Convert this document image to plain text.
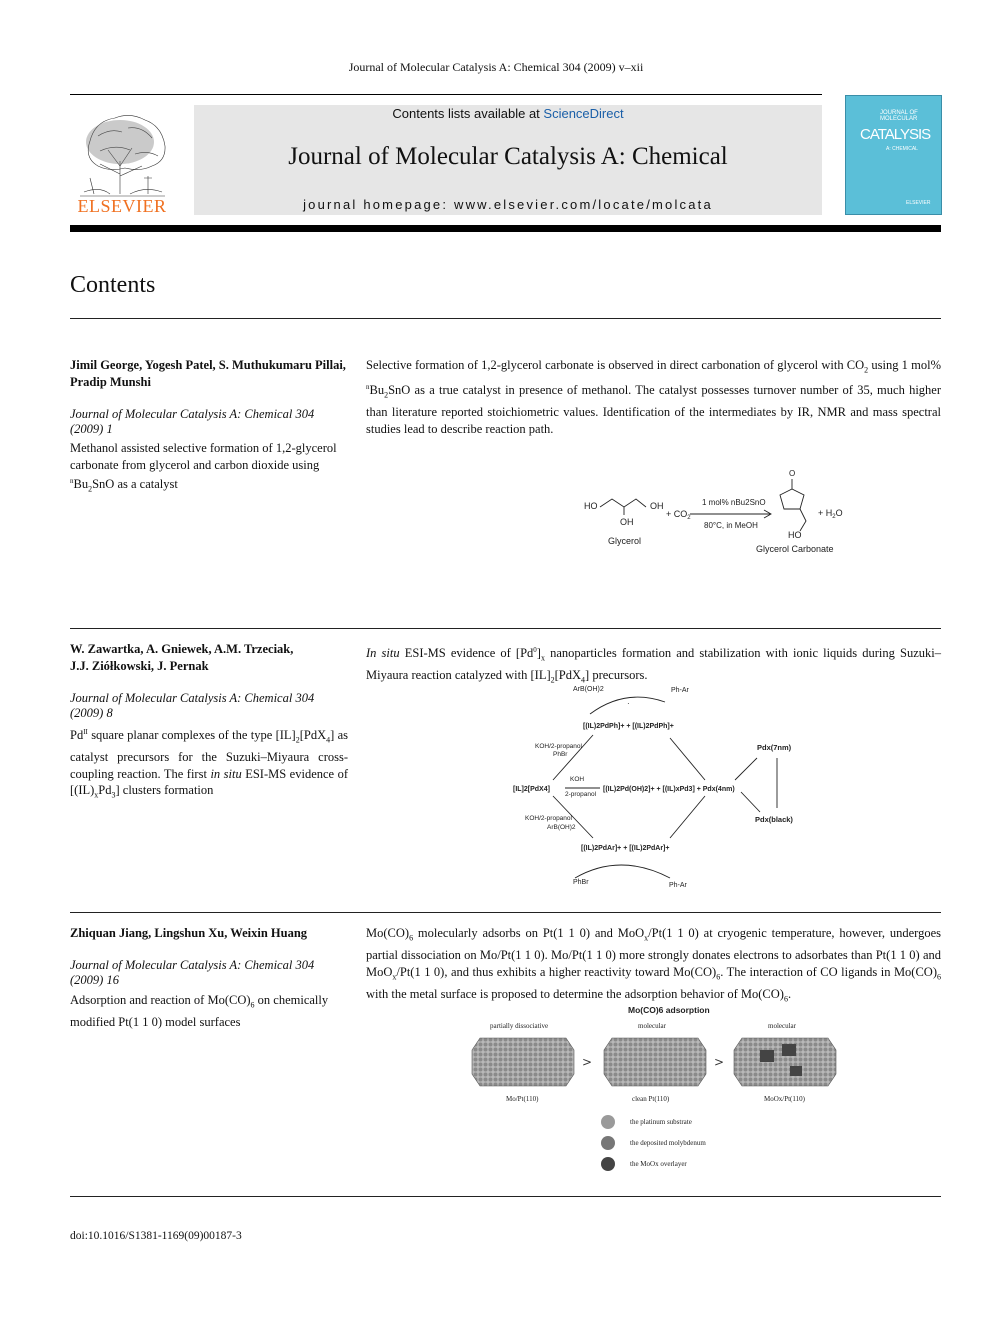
Journal of Molecular Catalysis A: Chemical 304 (2009) v–xii
ELSEVIER
Contents lists available at ScienceDirect
Journal of Molecular Catalysis A: Chemical
journal homepage: www.elsevier.com/locate/molcata
JOURNAL OF MOLECULAR
CATALYSIS
A: CHEMICAL
ELSEVIER
Contents
Jimil George, Yogesh Patel, S. Muthukumaru Pillai,
Pradip Munshi
Journal of Molecular Catalysis A: Chemical 304 (2009) 1
Methanol assisted selective formation of 1,2-glycerol
carbonate from glycerol and carbon dioxide using
$^nBu_2SnO$ as a catalyst
Selective formation of 1,2-glycerol carbonate is observed in direct carbonation of glycerol with $CO_2$ using 1 mol% $^nBu_2SnO$ as a true catalyst in presence of methanol. The catalyst possesses turnover number of 35, much higher than literature reported stoichiometric values. Identification of the intermediates by IR, NMR and mass spectral studies lead to describe reaction path.
HO	OH
OH
+ $CO_2$
1 mol% nBu2SnO
80°C, in MeOH
Glycerol
O
+ $H_2O$
HO
Glycerol Carbonate
W. Zawartka, A. Gniewek, A.M. Trzeciak,
J.J. Ziółkowski, J. Pernak
Journal of Molecular Catalysis A: Chemical 304 (2009) 8
$Pd^{II}$ square planar complexes of the type $[IL]_2[PdX_4]$ as catalyst precursors for the Suzuki–Miyaura cross-coupling reaction. The first in situ ESI-MS evidence of $[(IL)_xPd_3]$ clusters formation
In situ ESI-MS evidence of $[Pd^0]_x$ nanoparticles formation and stabilization with ionic liquids during Suzuki–Miyaura reaction catalyzed with $[IL]_2[PdX_4]$ precursors.
ArB(OH)2	Ph-Ar
·
[(IL)2PdPh]+ + [(IL)2PdPh]+
KOH/2-propanol
PhBr
[IL]2[PdX4]
KOH
2-propanol
[(IL)2Pd(OH)2]+ + [(IL)xPd3] + Pdx(4nm)
Pdx(7nm)
Pdx(black)
KOH/2-propanol
ArB(OH)2
[(IL)2PdAr]+ + [(IL)2PdAr]+
PhBr	Ph-Ar
Zhiquan Jiang, Lingshun Xu, Weixin Huang
Journal of Molecular Catalysis A: Chemical 304 (2009) 16
Adsorption and reaction of $Mo(CO)_6$ on chemically
modified Pt(1 1 0) model surfaces
$Mo(CO)_6$ molecularly adsorbs on Pt(1 1 0) and MoO$_x$/Pt(1 1 0) at cryogenic temperature, however, undergoes partial dissociation on Mo/Pt(1 1 0). Mo/Pt(1 1 0) more strongly donates electrons to adsorbates than Pt(1 1 0) and MoO$_x$/Pt(1 1 0), and thus exhibits a higher reactivity toward $Mo(CO)_6$. The interaction of CO ligands in $Mo(CO)_6$ with the metal surface is proposed to determine the adsorption behavior of $Mo(CO)_6$.
Mo(CO)6 adsorption
partially dissociative	molecular	molecular
>	>
Mo/Pt(110)	clean Pt(110)	MoOx/Pt(110)
the platinum substrate
the deposited molybdenum
the MoOx overlayer
doi:10.1016/S1381-1169(09)00187-3
